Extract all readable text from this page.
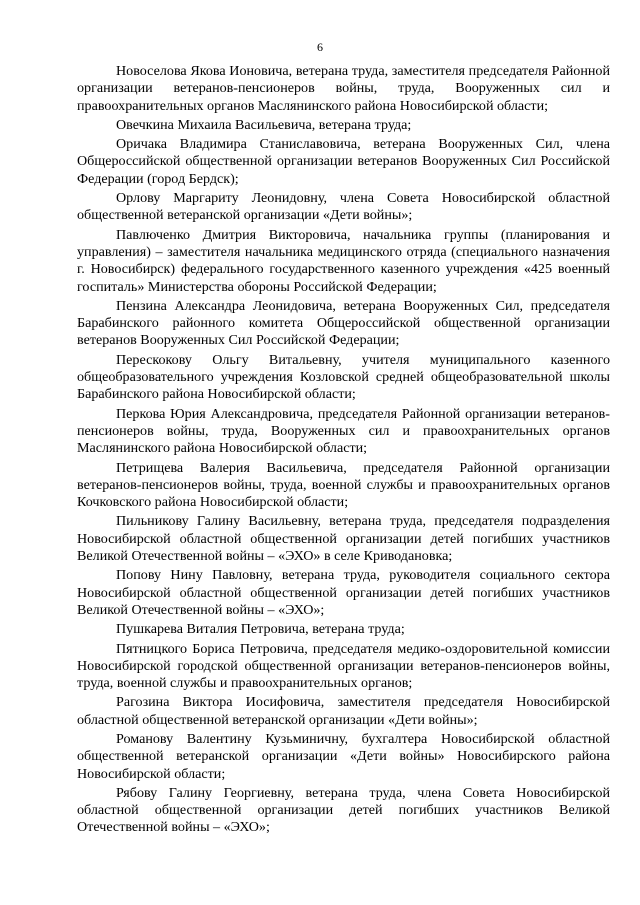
6

Новоселова Якова Ионовича, ветерана труда, заместителя председателя Районной организации ветеранов-пенсионеров войны, труда, Вооруженных сил и правоохранительных органов Маслянинского района Новосибирской области;

Овечкина Михаила Васильевича, ветерана труда;

Оричака Владимира Станиславовича, ветерана Вооруженных Сил, члена Общероссийской общественной организации ветеранов Вооруженных Сил Российской Федерации (город Бердск);

Орлову Маргариту Леонидовну, члена Совета Новосибирской областной общественной ветеранской организации «Дети войны»;

Павлюченко Дмитрия Викторовича, начальника группы (планирования и управления) – заместителя начальника медицинского отряда (специального назначения г. Новосибирск) федерального государственного казенного учреждения «425 военный госпиталь» Министерства обороны Российской Федерации;

Пензина Александра Леонидовича, ветерана Вооруженных Сил, председателя Барабинского районного комитета Общероссийской общественной организации ветеранов Вооруженных Сил Российской Федерации;

Перескокову Ольгу Витальевну, учителя муниципального казенного общеобразовательного учреждения Козловской средней общеобразовательной школы Барабинского района Новосибирской области;

Перкова Юрия Александровича, председателя Районной организации ветеранов-пенсионеров войны, труда, Вооруженных сил и правоохранительных органов Маслянинского района Новосибирской области;

Петрищева Валерия Васильевича, председателя Районной организации ветеранов-пенсионеров войны, труда, военной службы и правоохранительных органов Кочковского района Новосибирской области;

Пильникову Галину Васильевну, ветерана труда, председателя подразделения Новосибирской областной общественной организации детей погибших участников Великой Отечественной войны – «ЭХО» в селе Криводановка;

Попову Нину Павловну, ветерана труда, руководителя социального сектора Новосибирской областной общественной организации детей погибших участников Великой Отечественной войны – «ЭХО»;

Пушкарева Виталия Петровича, ветерана труда;

Пятницкого Бориса Петровича, председателя медико-оздоровительной комиссии Новосибирской городской общественной организации ветеранов-пенсионеров войны, труда, военной службы и правоохранительных органов;

Рагозина Виктора Иосифовича, заместителя председателя Новосибирской областной общественной ветеранской организации «Дети войны»;

Романову Валентину Кузьминичну, бухгалтера Новосибирской областной общественной ветеранской организации «Дети войны» Новосибирского района Новосибирской области;

Рябову Галину Георгиевну, ветерана труда, члена Совета Новосибирской областной общественной организации детей погибших участников Великой Отечественной войны – «ЭХО»;
